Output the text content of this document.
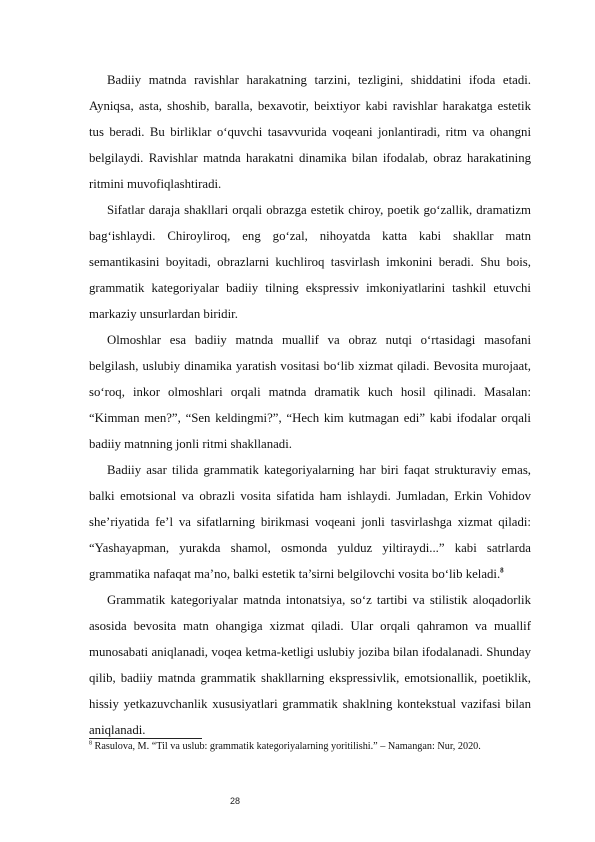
Badiiy matnda ravishlar harakatning tarzini, tezligini, shiddatini ifoda etadi. Ayniqsa, asta, shoshib, baralla, bexavotir, beixtiyor kabi ravishlar harakatga estetik tus beradi. Bu birliklar o‘quvchi tasavvurida voqeani jonlantiradi, ritm va ohangni belgilaydi. Ravishlar matnda harakatni dinamika bilan ifodalab, obraz harakatining ritmini muvofiqlashtiradi.

Sifatlar daraja shakllari orqali obrazga estetik chiroy, poetik go‘zallik, dramatizm bag‘ishlaydi. Chiroyliroq, eng go‘zal, nihoyatda katta kabi shakllar matn semantikasini boyitadi, obrazlarni kuchliroq tasvirlash imkonini beradi. Shu bois, grammatik kategoriyalar badiiy tilning ekspressiv imkoniyatlarini tashkil etuvchi markaziy unsurlardan biridir.

Olmoshlar esa badiiy matnda muallif va obraz nutqi o‘rtasidagi masofani belgilash, uslubiy dinamika yaratish vositasi bo‘lib xizmat qiladi. Bevosita murojaat, so‘roq, inkor olmoshlari orqali matnda dramatik kuch hosil qilinadi. Masalan: “Kimman men?”, “Sen keldingmi?”, “Hech kim kutmagan edi” kabi ifodalar orqali badiiy matnning jonli ritmi shakllanadi.

Badiiy asar tilida grammatik kategoriyalarning har biri faqat strukturaviy emas, balki emotsional va obrazli vosita sifatida ham ishlaydi. Jumladan, Erkin Vohidov she’riyatida fe’l va sifatlarning birikmasi voqeani jonli tasvirlashga xizmat qiladi: “Yashayapman, yurakda shamol, osmonda yulduz yiltiraydi...” kabi satrlarda grammatika nafaqat ma’no, balki estetik ta’sirni belgilovchi vosita bo‘lib keladi.$^8$

Grammatik kategoriyalar matnda intonatsiya, so‘z tartibi va stilistik aloqadorlik asosida bevosita matn ohangiga xizmat qiladi. Ular orqali qahramon va muallif munosabati aniqlanadi, voqea ketma-ketligi uslubiy joziba bilan ifodalanadi. Shunday qilib, badiiy matnda grammatik shakllarning ekspressivlik, emotsionallik, poetiklik, hissiy yetkazuvchanlik xususiyatlari grammatik shaklning kontekstual vazifasi bilan aniqlanadi.

$^8$ Rasulova, M. “Til va uslub: grammatik kategoriyalarning yoritilishi.” – Namangan: Nur, 2020.

28
